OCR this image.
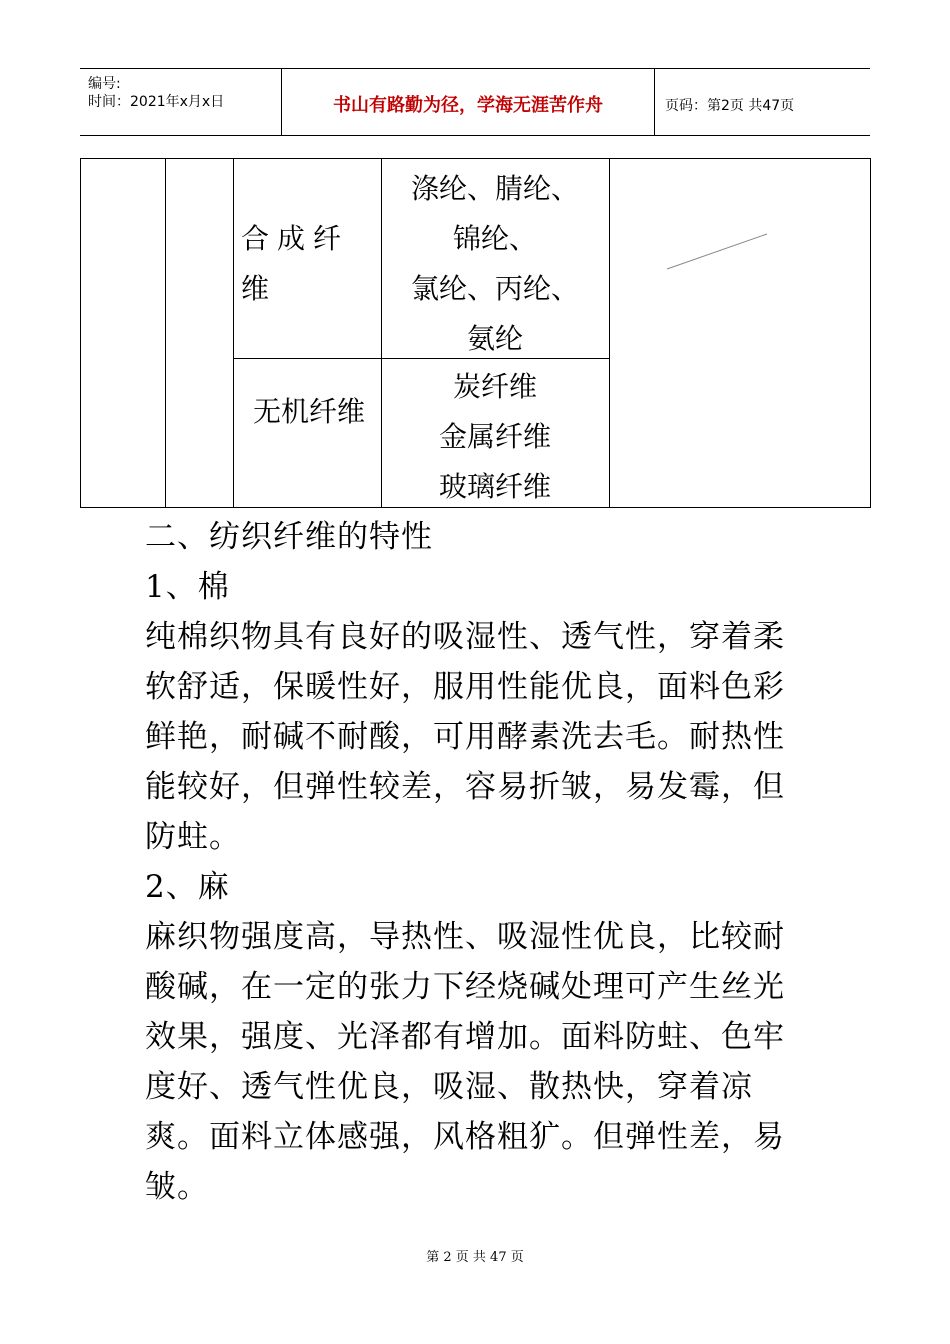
编号:
时间：2021年x月x日	书山有路勤为径，学海无涯苦作舟	页码：第2页 共47页
合成纤维
涤纶、腈纶、
锦纶、
氯纶、丙纶、
氨纶
无机纤维
炭纤维
金属纤维
玻璃纤维

二、纺织纤维的特性

1、棉

纯棉织物具有良好的吸湿性、透气性，穿着柔软舒适，保暖性好，服用性能优良，面料色彩鲜艳，耐碱不耐酸，可用酵素洗去毛。耐热性能较好，但弹性较差，容易折皱，易发霉，但防蛀。

2、麻

麻织物强度高，导热性、吸湿性优良，比较耐酸碱，在一定的张力下经烧碱处理可产生丝光效果，强度、光泽都有增加。面料防蛀、色牢度好、透气性优良，吸湿、散热快，穿着凉爽。面料立体感强，风格粗犷。但弹性差，易皱。

第 2 页 共 47 页
